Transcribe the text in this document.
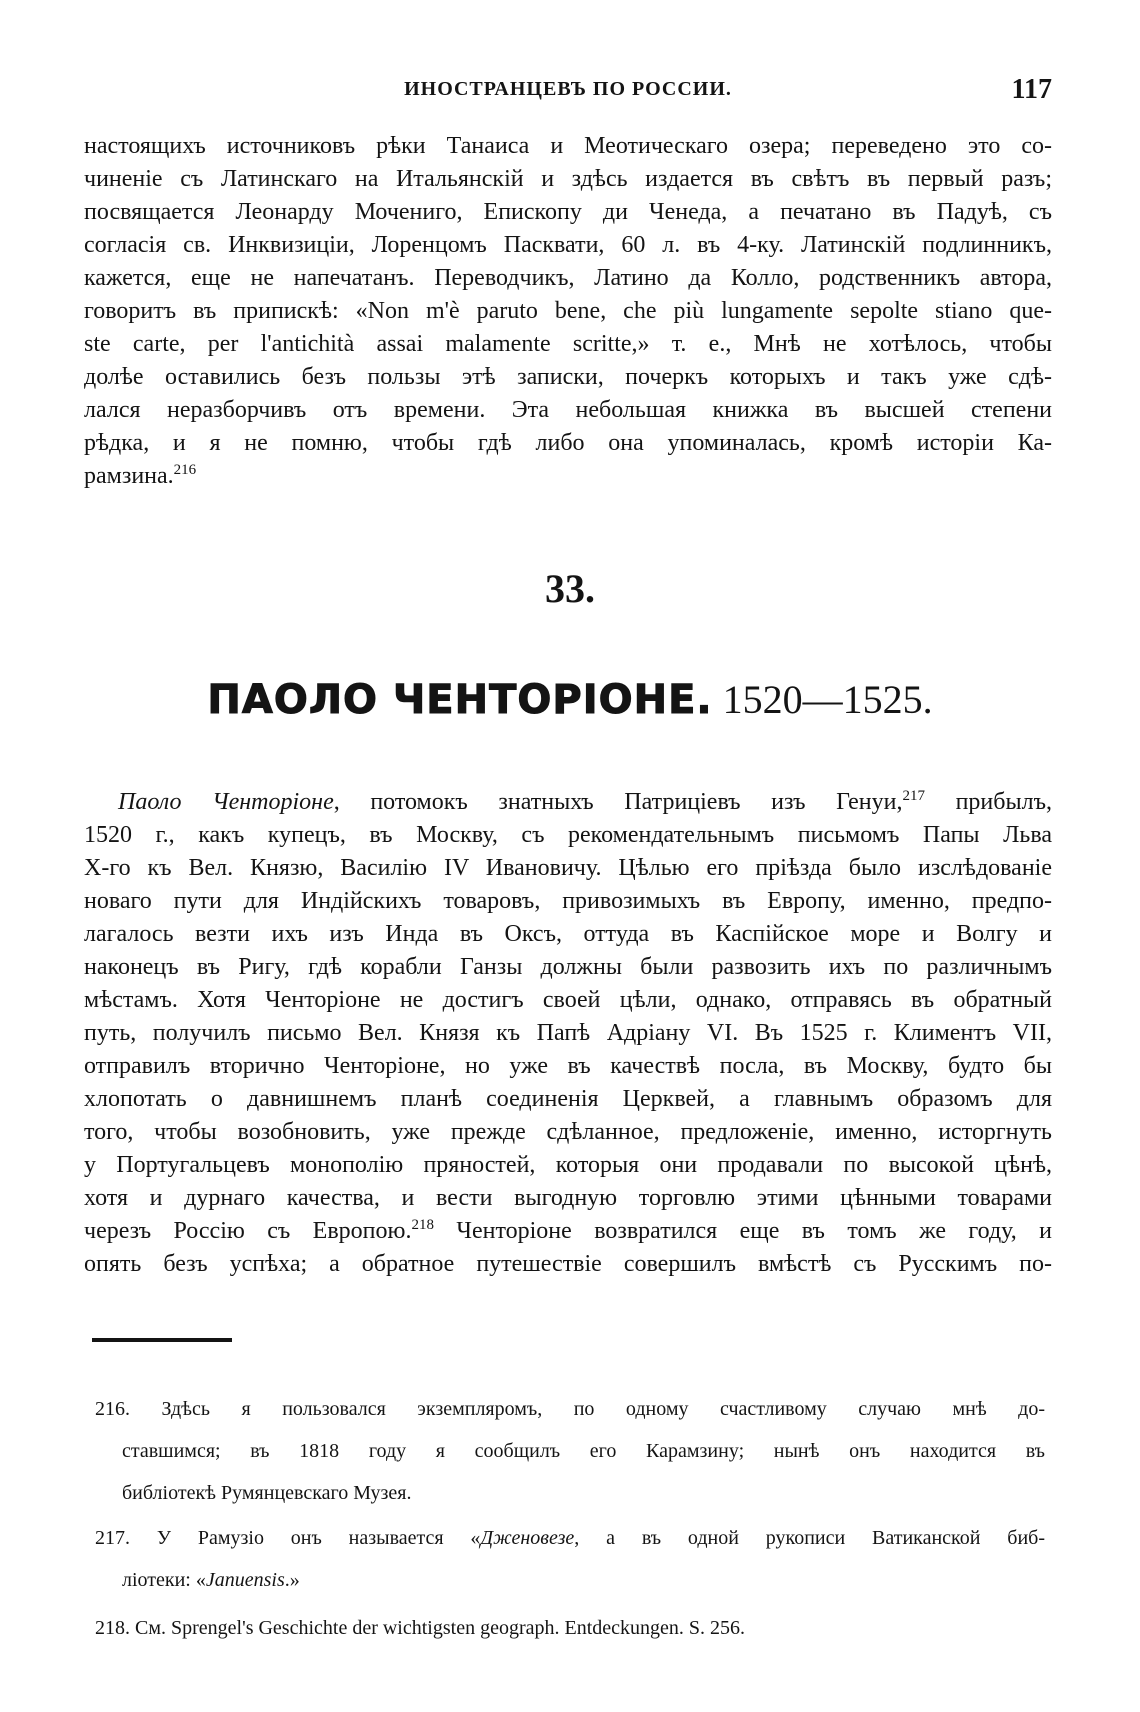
ИНОСТРАНЦЕВЪ ПО РОССИИ.	117
настоящихъ источниковъ рѣки Танаиса и Меотическаго озера; переведено это со-
чиненіе съ Латинскаго на Итальянскій и здѣсь издается въ свѣтъ въ первый разъ;
посвящается Леонарду Мочениго, Епископу ди Ченеда, а печатано въ Падуѣ, съ
согласія св. Инквизиціи, Лоренцомъ Пасквати, 60 л. въ 4-ку. Латинскій подлинникъ,
кажется, еще не напечатанъ. Переводчикъ, Латино да Колло, родственникъ автора,
говоритъ въ припискѣ: «Non m'è paruto bene, che più lungamente sepolte stiano que-
ste carte, per l'antichità assai malamente scritte,» т. е., Мнѣ не хотѣлось, чтобы
долѣе оставились безъ пользы этѣ записки, почеркъ которыхъ и такъ уже сдѣ-
лался неразборчивъ отъ времени. Эта небольшая книжка въ высшей степени
рѣдка, и я не помню, чтобы гдѣ либо она упоминалась, кромѣ исторіи Ка-
рамзина.$^{216}$
33.
ПАОЛО ЧЕНТОРІОНЕ. 1520—1525.
Паоло Ченторіоне, потомокъ знатныхъ Патриціевъ изъ Генуи,$^{217}$ прибылъ,
1520 г., какъ купецъ, въ Москву, съ рекомендательнымъ письмомъ Папы Льва
X-го къ Вел. Князю, Василію IV Ивановичу. Цѣлью его пріѣзда было изслѣдованіе
новаго пути для Индійскихъ товаровъ, привозимыхъ въ Европу, именно, предпо-
лагалось везти ихъ изъ Инда въ Оксъ, оттуда въ Каспійское море и Волгу и
наконецъ въ Ригу, гдѣ корабли Ганзы должны были развозить ихъ по различнымъ
мѣстамъ. Хотя Ченторіоне не достигъ своей цѣли, однако, отправясь въ обратный
путь, получилъ письмо Вел. Князя къ Папѣ Адріану VI. Въ 1525 г. Климентъ VII,
отправилъ вторично Ченторіоне, но уже въ качествѣ посла, въ Москву, будто бы
хлопотать о давнишнемъ планѣ соединенія Церквей, а главнымъ образомъ для
того, чтобы возобновить, уже прежде сдѣланное, предложеніе, именно, исторгнуть
у Португальцевъ монополію пряностей, которыя они продавали по высокой цѣнѣ,
хотя и дурнаго качества, и вести выгодную торговлю этими цѣнными товарами
черезъ Россію съ Европою.$^{218}$ Ченторіоне возвратился еще въ томъ же году, и
опять безъ успѣха; а обратное путешествіе совершилъ вмѣстѣ съ Русскимъ по-
216. Здѣсь я пользовался экземпляромъ, по одному счастливому случаю мнѣ до-
ставшимся; въ 1818 году я сообщилъ его Карамзину; нынѣ онъ находится въ
библіотекѣ Румянцевскаго Музея.
217. У Рамузіо онъ называется «Дженовезе, а въ одной рукописи Ватиканской биб-
ліотеки: «Januensis.»
218. См. Sprengel's Geschichte der wichtigsten geograph. Entdeckungen. S. 256.
